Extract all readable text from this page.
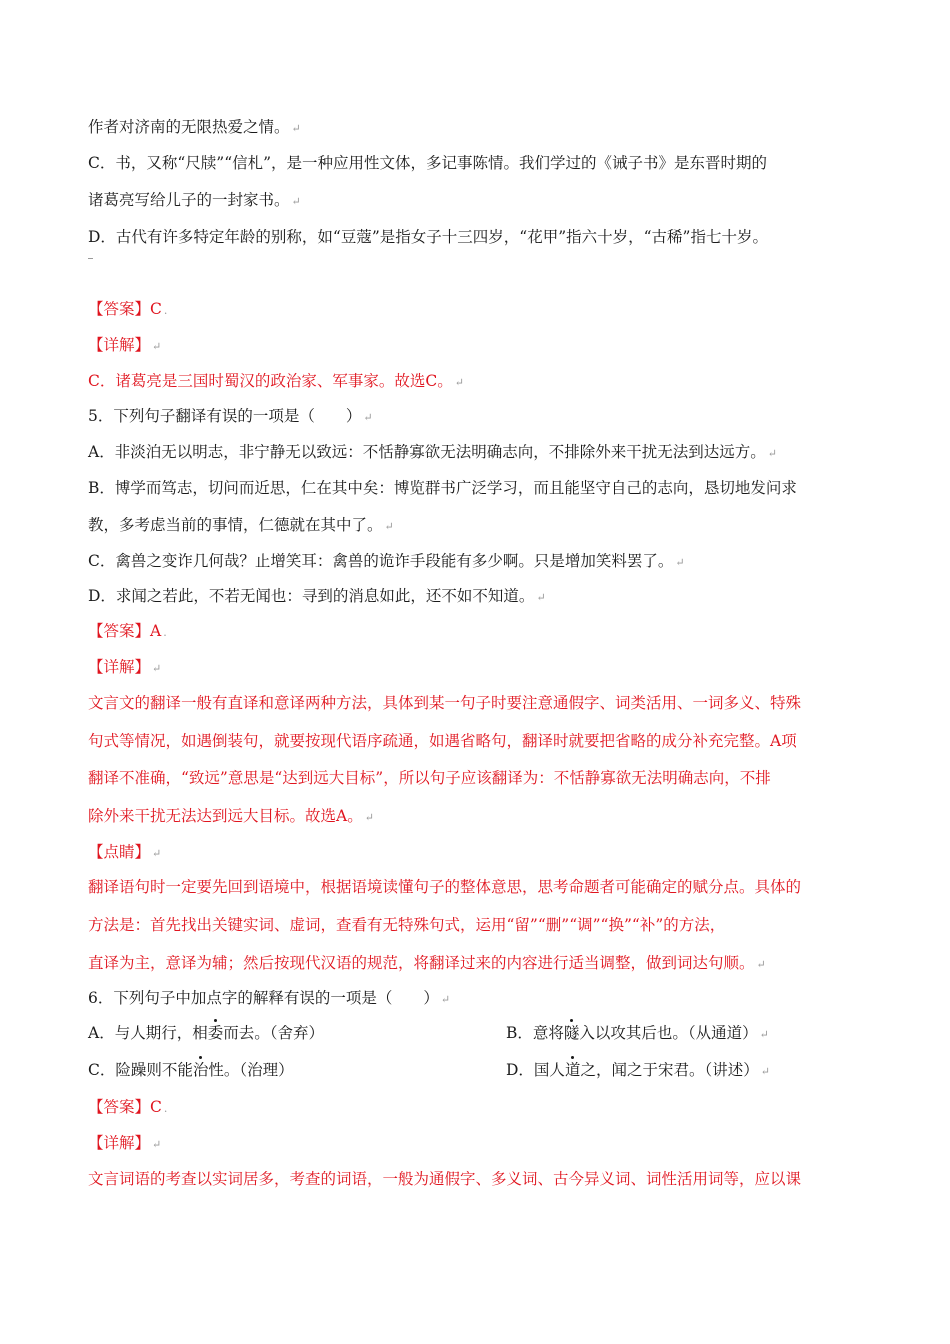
作者对济南的无限热爱之情。 ↵
C．书，又称“尺牍”“信札”，是一种应用性文体，多记事陈情。我们学过的《诫子书》是东晋时期的
诸葛亮写给儿子的一封家书。 ↵
D．古代有许多特定年龄的别称，如“豆蔻”是指女子十三四岁，“花甲”指六十岁，“古稀”指七十岁。
【答案】C .
【详解】 ↵
C．诸葛亮是三国时蜀汉的政治家、军事家。故选C。 ↵
5．下列句子翻译有误的一项是（　　） ↵
A．非淡泊无以明志，非宁静无以致远：不恬静寡欲无法明确志向，不排除外来干扰无法到达远方。 ↵
B．博学而笃志，切问而近思，仁在其中矣：博览群书广泛学习，而且能坚守自己的志向，恳切地发问求
教，多考虑当前的事情，仁德就在其中了。 ↵
C．禽兽之变诈几何哉？止增笑耳：禽兽的诡诈手段能有多少啊。只是增加笑料罢了。 ↵
D．求闻之若此，不若无闻也：寻到的消息如此，还不如不知道。 ↵
【答案】A .
【详解】 ↵
文言文的翻译一般有直译和意译两种方法，具体到某一句子时要注意通假字、词类活用、一词多义、特殊
句式等情况，如遇倒装句，就要按现代语序疏通，如遇省略句，翻译时就要把省略的成分补充完整。A项
翻译不准确，“致远”意思是“达到远大目标”，所以句子应该翻译为：不恬静寡欲无法明确志向，不排
除外来干扰无法达到远大目标。故选A。 ↵
【点睛】 ↵
翻译语句时一定要先回到语境中，根据语境读懂句子的整体意思，思考命题者可能确定的赋分点。具体的
方法是：首先找出关键实词、虚词，查看有无特殊句式，运用“留”“删”“调”“换”“补”的方法，
直译为主，意译为辅；然后按现代汉语的规范，将翻译过来的内容进行适当调整，做到词达句顺。 ↵
6．下列句子中加点字的解释有误的一项是（　　） ↵
A．与人期行，相委而去。（舍弃）	B．意将隧入以攻其后也。（从通道） ↵
C．险躁则不能治性。（治理）	D．国人道之，闻之于宋君。（讲述） ↵
【答案】C .
【详解】 ↵
文言词语的考查以实词居多，考查的词语，一般为通假字、多义词、古今异义词、词性活用词等，应以课
